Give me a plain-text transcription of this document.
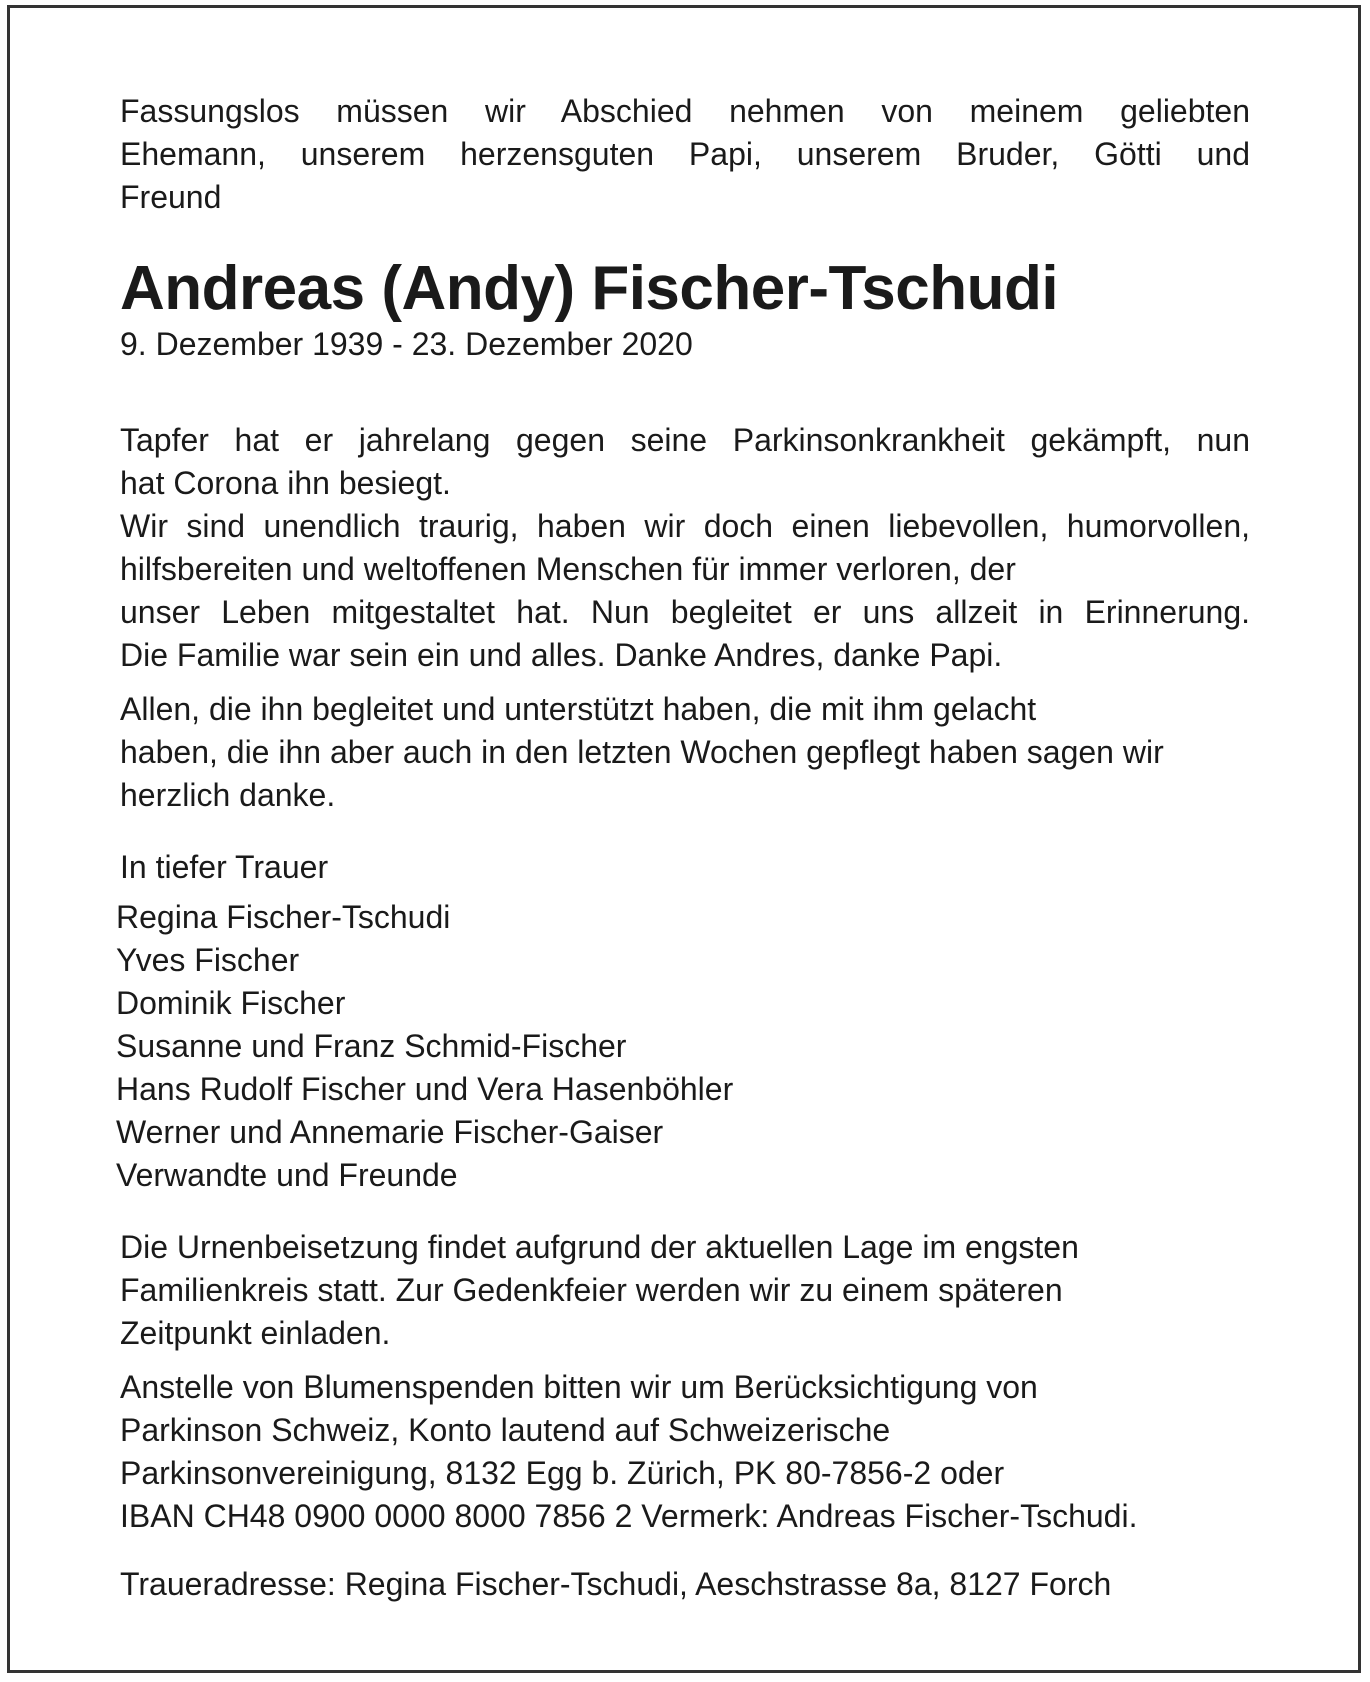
Fassungslos müssen wir Abschied nehmen von meinem geliebten
Ehemann, unserem herzensguten Papi, unserem Bruder, Götti und
Freund

Andreas (Andy) Fischer-Tschudi

9. Dezember 1939 - 23. Dezember 2020

Tapfer hat er jahrelang gegen seine Parkinsonkrankheit gekämpft, nun
hat Corona ihn besiegt.
Wir sind unendlich traurig, haben wir doch einen liebevollen, humorvollen,
hilfsbereiten und weltoffenen Menschen für immer verloren, der
unser Leben mitgestaltet hat. Nun begleitet er uns allzeit in Erinnerung.
Die Familie war sein ein und alles. Danke Andres, danke Papi.

Allen, die ihn begleitet und unterstützt haben, die mit ihm gelacht
haben, die ihn aber auch in den letzten Wochen gepflegt haben sagen wir
herzlich danke.

In tiefer Trauer

Regina Fischer-Tschudi
Yves Fischer
Dominik Fischer
Susanne und Franz Schmid-Fischer
Hans Rudolf Fischer und Vera Hasenböhler
Werner und Annemarie Fischer-Gaiser
Verwandte und Freunde

Die Urnenbeisetzung findet aufgrund der aktuellen Lage im engsten
Familienkreis statt. Zur Gedenkfeier werden wir zu einem späteren
Zeitpunkt einladen.

Anstelle von Blumenspenden bitten wir um Berücksichtigung von
Parkinson Schweiz, Konto lautend auf Schweizerische
Parkinsonvereinigung, 8132 Egg b. Zürich, PK 80-7856-2 oder
IBAN CH48 0900 0000 8000 7856 2 Vermerk: Andreas Fischer-Tschudi.

Traueradresse: Regina Fischer-Tschudi, Aeschstrasse 8a, 8127 Forch
